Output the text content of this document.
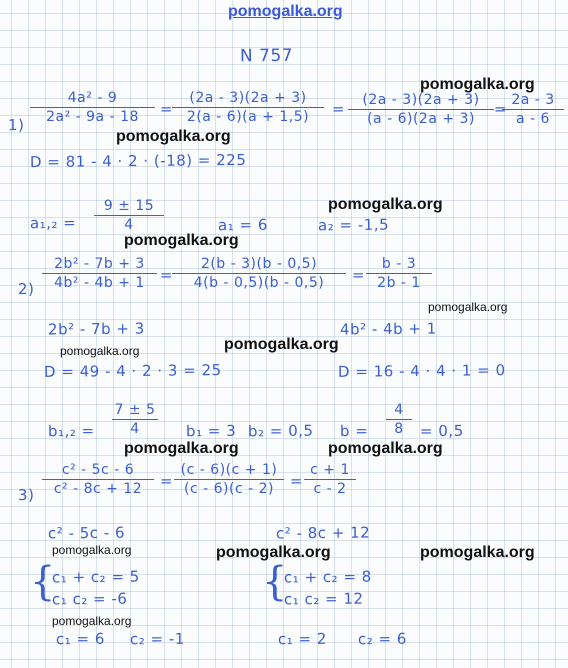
pomogalka.org
N 757
1)
4a² - 9
2a² - 9a - 18	=
(2a - 3)(2a + 3)
2(a - 6)(a + 1,5)	=	(2a - 3)(2a + 3)
(a - 6)(2a + 3)
= 2a - 3
a - 6
D = 81 - 4 · 2 · (-18) = 225
a₁,₂ =
9 ± 15
4	a₁ = 6	a₂ = -1,5
2)
2b² - 7b + 3
4b² - 4b + 1	=
2(b - 3)(b - 0,5)
4(b - 0,5)(b - 0,5)	=
b - 3
2b - 1
2b² - 7b + 3	4b² - 4b + 1
D = 49 - 4 · 2 · 3 = 25	D = 16 - 4 · 4 · 1 = 0
b₁,₂ =
7 ± 5
4	b₁ = 3 b₂ = 0,5 b =
4
8	= 0,5
3)
c² - 5c - 6
c² - 8c + 12	=
(c - 6)(c + 1)
(c - 6)(c - 2)	=
c + 1
c - 2
c² - 5c - 6	c² - 8c + 12
{
c₁ + c₂ = 5
c₁ c₂ = -6	{
c₁ + c₂ = 8
c₁ c₂ = 12
c₁ = 6 c₂ = -1	c₁ = 2 c₂ = 6
pomogalka.org
pomogalka.org
pomogalka.org
pomogalka.org
pomogalka.org
pomogalka.org
pomogalka.org
pomogalka.org	pomogalka.org
pomogalka.org	pomogalka.org	pomogalka.org
pomogalka.org
